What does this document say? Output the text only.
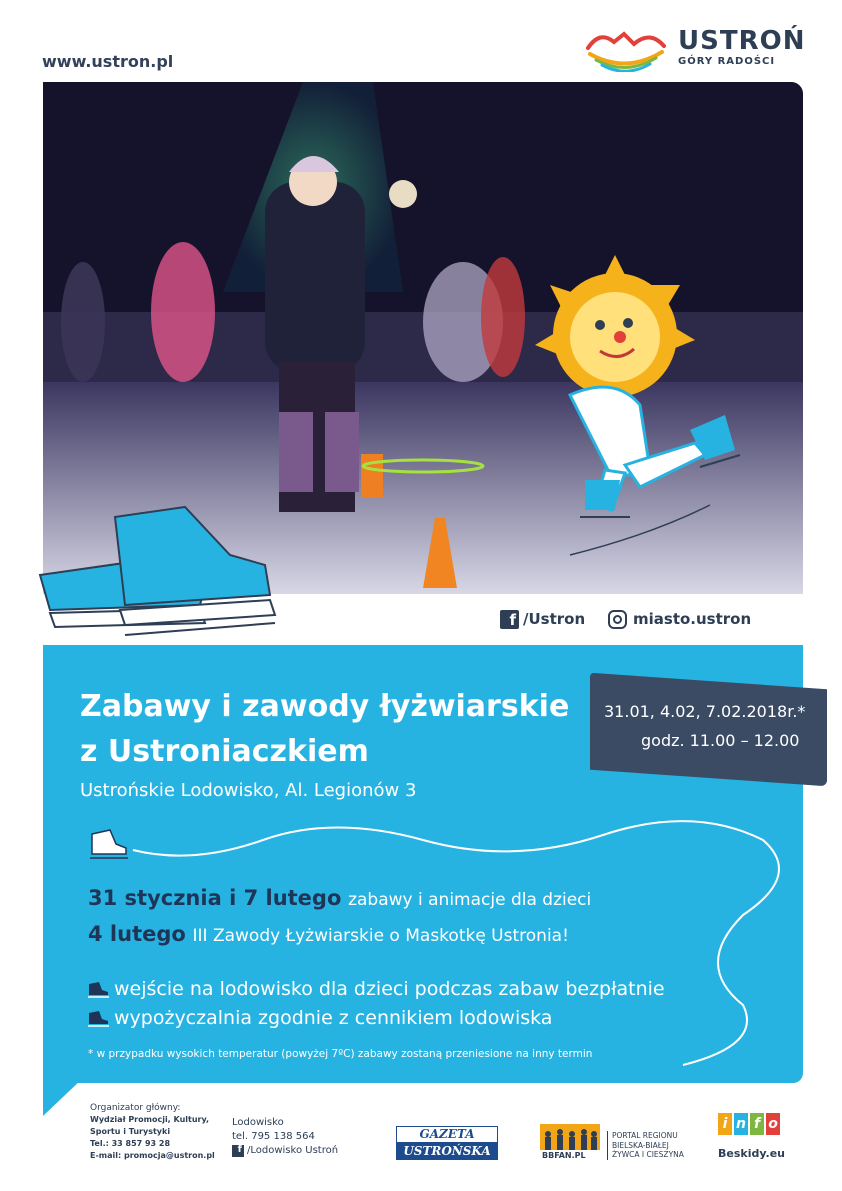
www.ustron.pl
USTROŃ
GÓRY RADOŚCI
f /Ustron	miasto.ustron
Zabawy i zawody łyżwiarskie
z Ustroniaczkiem
Ustrońskie Lodowisko, Al. Legionów 3
31.01, 4.02, 7.02.2018r.*
godz. 11.00 – 12.00
31 stycznia i 7 lutego zabawy i animacje dla dzieci
4 lutego III Zawody Łyżwiarskie o Maskotkę Ustronia!
wejście na lodowisko dla dzieci podczas zabaw bezpłatnie
wypożyczalnia zgodnie z cennikiem lodowiska
* w przypadku wysokich temperatur (powyżej 7ºC) zabawy zostaną przeniesione na inny termin
Organizator główny:
Wydział Promocji, Kultury,
Sportu i Turystyki
Tel.: 33 857 93 28
E-mail: promocja@ustron.pl
Lodowisko
tel. 795 138 564
f /Lodowisko Ustroń
GAZETA
USTROŃSKA	BBFAN.PL
PORTAL REGIONU
BIELSKA-BIAŁEJ
ŻYWCA I CIESZYNA
i n f o
Beskidy.eu
